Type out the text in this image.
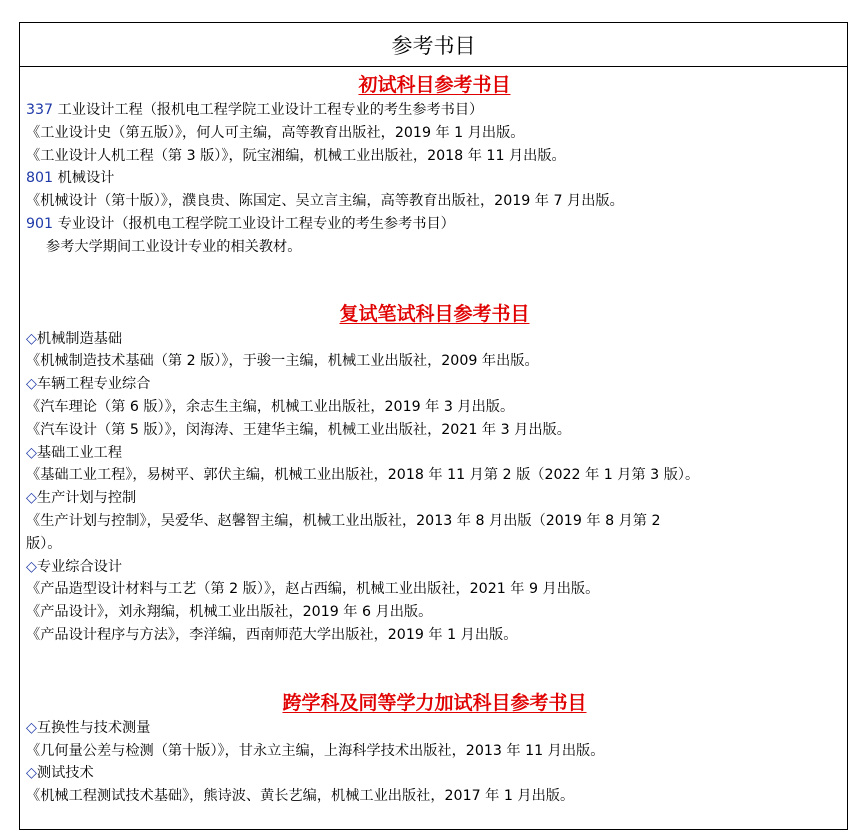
参考书目
初试科目参考书目
337 工业设计工程（报机电工程学院工业设计工程专业的考生参考书目）
《工业设计史（第五版）》，何人可主编，高等教育出版社，2019 年 1 月出版。
《工业设计人机工程（第 3 版）》，阮宝湘编，机械工业出版社，2018 年 11 月出版。
801 机械设计
《机械设计（第十版）》，濮良贵、陈国定、吴立言主编，高等教育出版社，2019 年 7 月出版。
901 专业设计（报机电工程学院工业设计工程专业的考生参考书目）
参考大学期间工业设计专业的相关教材。
复试笔试科目参考书目
◇机械制造基础
《机械制造技术基础（第 2 版）》，于骏一主编，机械工业出版社，2009 年出版。
◇车辆工程专业综合
《汽车理论（第 6 版）》，余志生主编，机械工业出版社，2019 年 3 月出版。
《汽车设计（第 5 版）》，闵海涛、王建华主编，机械工业出版社，2021 年 3 月出版。
◇基础工业工程
《基础工业工程》，易树平、郭伏主编，机械工业出版社，2018 年 11 月第 2 版（2022 年 1 月第 3 版）。
◇生产计划与控制
《生产计划与控制》，吴爱华、赵馨智主编，机械工业出版社，2013 年 8 月出版（2019 年 8 月第 2
版）。
◇专业综合设计
《产品造型设计材料与工艺（第 2 版）》，赵占西编，机械工业出版社，2021 年 9 月出版。
《产品设计》，刘永翔编，机械工业出版社，2019 年 6 月出版。
《产品设计程序与方法》，李洋编，西南师范大学出版社，2019 年 1 月出版。
跨学科及同等学力加试科目参考书目
◇互换性与技术测量
《几何量公差与检测（第十版）》，甘永立主编，上海科学技术出版社，2013 年 11 月出版。
◇测试技术
《机械工程测试技术基础》，熊诗波、黄长艺编，机械工业出版社，2017 年 1 月出版。
